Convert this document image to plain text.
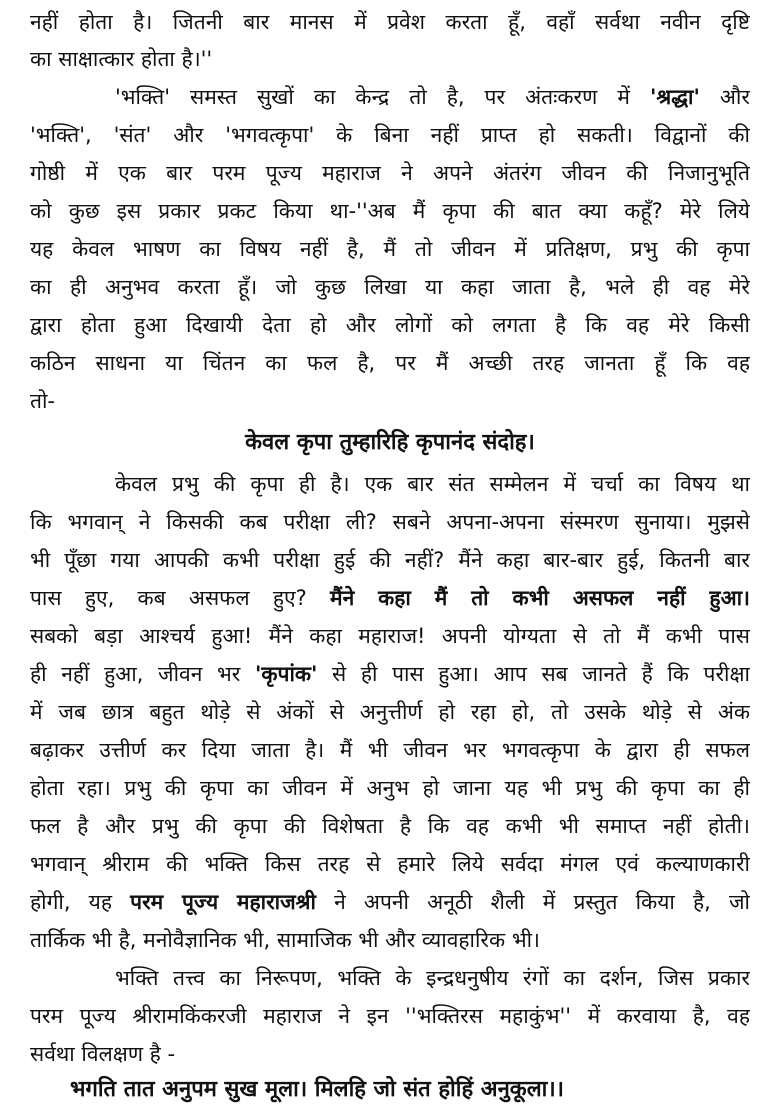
नहीं होता है। जितनी बार मानस में प्रवेश करता हूँ, वहाँ सर्वथा नवीन दृष्टि
का साक्षात्कार होता है।''
'भक्ति' समस्त सुखों का केन्द्र तो है, पर अंतःकरण में 'श्रद्धा' और
'भक्ति', 'संत' और 'भगवत्कृपा' के बिना नहीं प्राप्त हो सकती। विद्वानों की
गोष्ठी में एक बार परम पूज्य महाराज ने अपने अंतरंग जीवन की निजानुभूति
को कुछ इस प्रकार प्रकट किया था-''अब मैं कृपा की बात क्या कहूँ? मेरे लिये
यह केवल भाषण का विषय नहीं है, मैं तो जीवन में प्रतिक्षण, प्रभु की कृपा
का ही अनुभव करता हूँ। जो कुछ लिखा या कहा जाता है, भले ही वह मेरे
द्वारा होता हुआ दिखायी देता हो और लोगों को लगता है कि वह मेरे किसी
कठिन साधना या चिंतन का फल है, पर मैं अच्छी तरह जानता हूँ कि वह
तो-
केवल कृपा तुम्हारिहि कृपानंद संदोह।
केवल प्रभु की कृपा ही है। एक बार संत सम्मेलन में चर्चा का विषय था
कि भगवान् ने किसकी कब परीक्षा ली? सबने अपना-अपना संस्मरण सुनाया। मुझसे
भी पूँछा गया आपकी कभी परीक्षा हुई की नहीं? मैंने कहा बार-बार हुई, कितनी बार
पास हुए, कब असफल हुए? मैंने कहा मैं तो कभी असफल नहीं हुआ।
सबको बड़ा आश्चर्य हुआ! मैंने कहा महाराज! अपनी योग्यता से तो मैं कभी पास
ही नहीं हुआ, जीवन भर 'कृपांक' से ही पास हुआ। आप सब जानते हैं कि परीक्षा
में जब छात्र बहुत थोड़े से अंकों से अनुत्तीर्ण हो रहा हो, तो उसके थोड़े से अंक
बढ़ाकर उत्तीर्ण कर दिया जाता है। मैं भी जीवन भर भगवत्कृपा के द्वारा ही सफल
होता रहा। प्रभु की कृपा का जीवन में अनुभ हो जाना यह भी प्रभु की कृपा का ही
फल है और प्रभु की कृपा की विशेषता है कि वह कभी भी समाप्त नहीं होती।
भगवान् श्रीराम की भक्ति किस तरह से हमारे लिये सर्वदा मंगल एवं कल्याणकारी
होगी, यह परम पूज्य महाराजश्री ने अपनी अनूठी शैली में प्रस्तुत किया है, जो
तार्किक भी है, मनोवैज्ञानिक भी, सामाजिक भी और व्यावहारिक भी।
भक्ति तत्त्व का निरूपण, भक्ति के इन्द्रधनुषीय रंगों का दर्शन, जिस प्रकार
परम पूज्य श्रीरामकिंकरजी महाराज ने इन ''भक्तिरस महाकुंभ'' में करवाया है, वह
सर्वथा विलक्षण है -
भगति तात अनुपम सुख मूला। मिलहि जो संत होहिं अनुकूला।।
